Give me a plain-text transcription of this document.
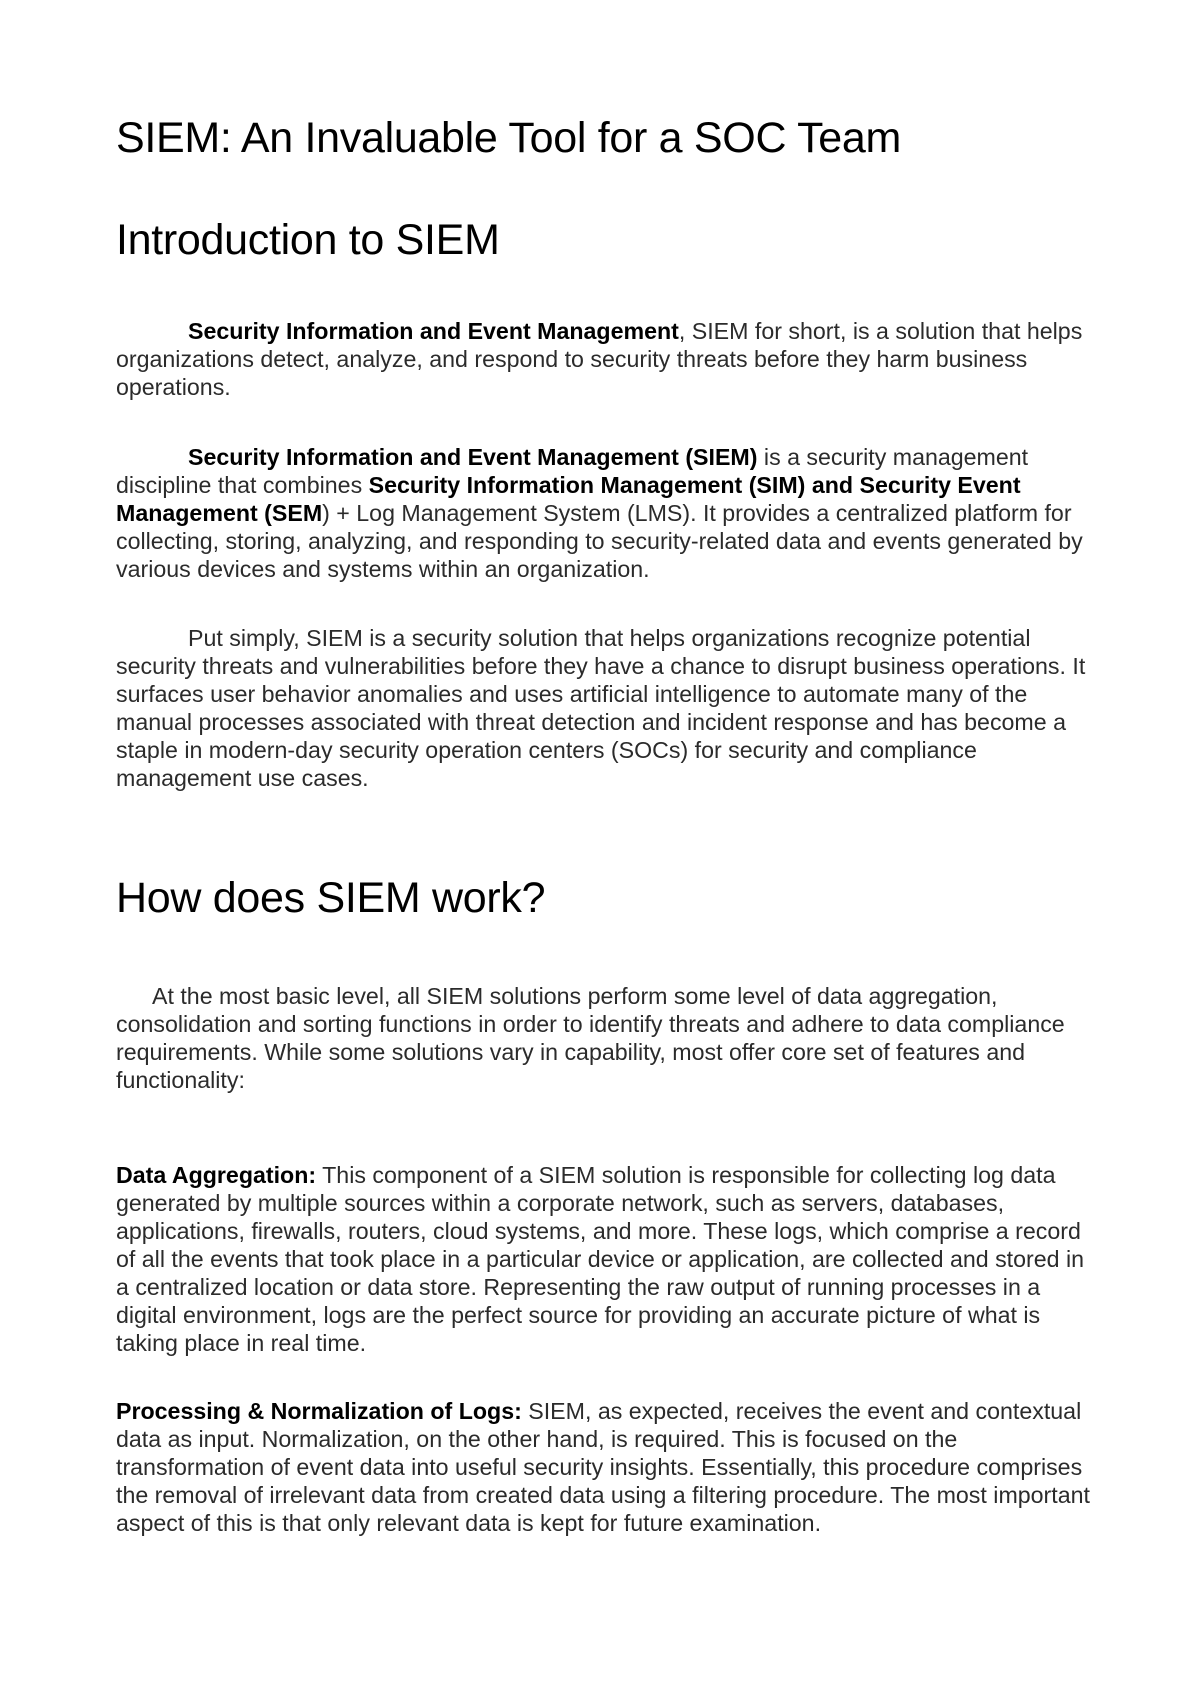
SIEM: An Invaluable Tool for a SOC Team
Introduction to SIEM

Security Information and Event Management, SIEM for short, is a solution that helps organizations detect, analyze, and respond to security threats before they harm business operations.

Security Information and Event Management (SIEM) is a security management discipline that combines Security Information Management (SIM) and Security Event Management (SEM) + Log Management System (LMS). It provides a centralized platform for collecting, storing, analyzing, and responding to security-related data and events generated by various devices and systems within an organization.

Put simply, SIEM is a security solution that helps organizations recognize potential security threats and vulnerabilities before they have a chance to disrupt business operations. It surfaces user behavior anomalies and uses artificial intelligence to automate many of the manual processes associated with threat detection and incident response and has become a staple in modern-day security operation centers (SOCs) for security and compliance management use cases.

How does SIEM work?

At the most basic level, all SIEM solutions perform some level of data aggregation, consolidation and sorting functions in order to identify threats and adhere to data compliance requirements. While some solutions vary in capability, most offer core set of features and functionality:

Data Aggregation: This component of a SIEM solution is responsible for collecting log data generated by multiple sources within a corporate network, such as servers, databases, applications, firewalls, routers, cloud systems, and more. These logs, which comprise a record of all the events that took place in a particular device or application, are collected and stored in a centralized location or data store. Representing the raw output of running processes in a digital environment, logs are the perfect source for providing an accurate picture of what is taking place in real time.

Processing & Normalization of Logs: SIEM, as expected, receives the event and contextual data as input. Normalization, on the other hand, is required. This is focused on the transformation of event data into useful security insights. Essentially, this procedure comprises the removal of irrelevant data from created data using a filtering procedure. The most important aspect of this is that only relevant data is kept for future examination.
